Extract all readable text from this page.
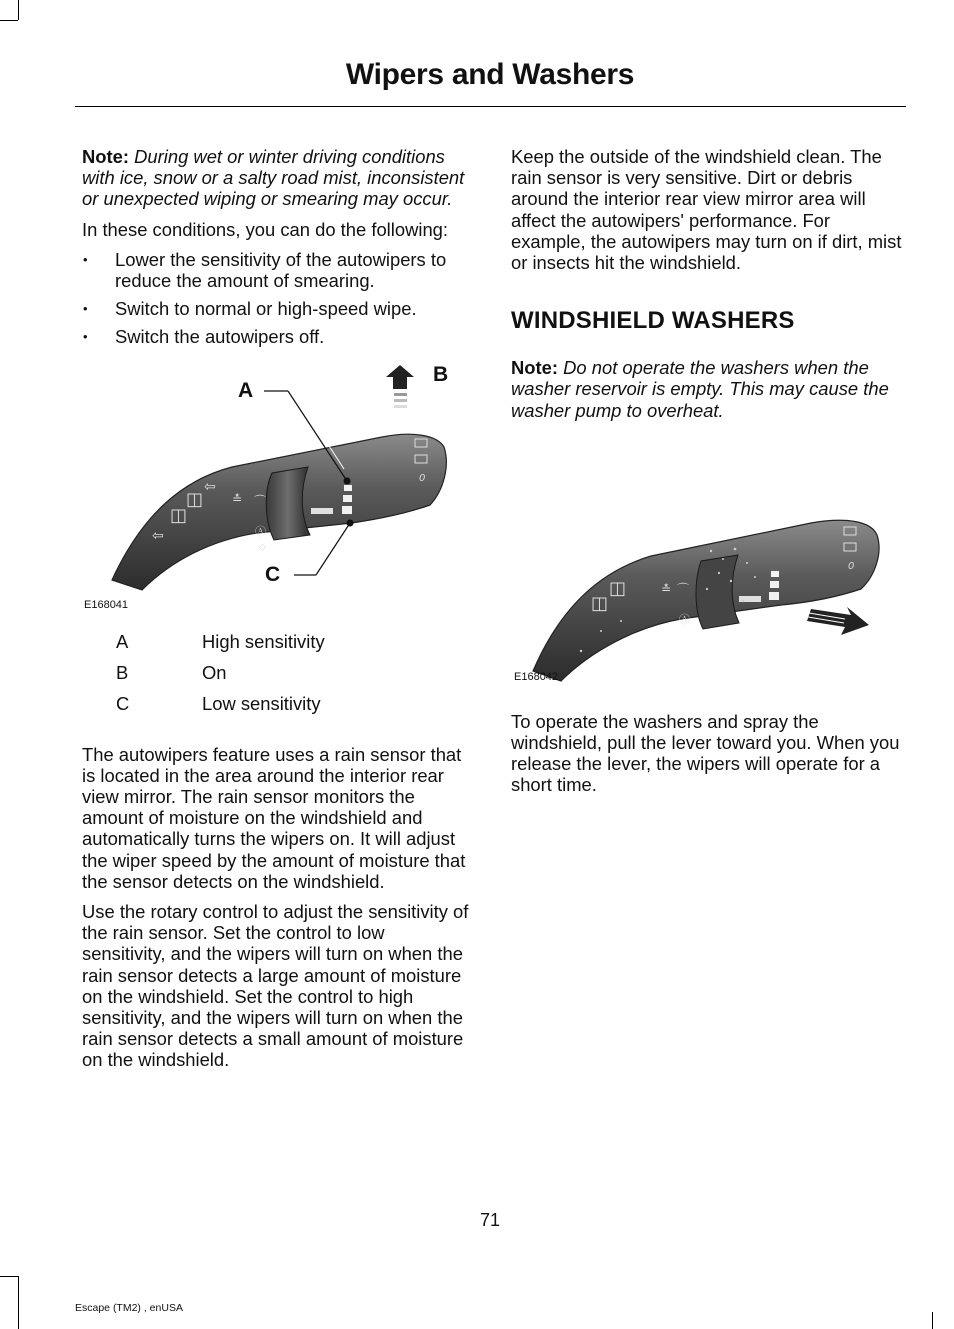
Wipers and Washers

Note: During wet or winter driving conditions with ice, snow or a salty road mist, inconsistent or unexpected wiping or smearing may occur.

In these conditions, you can do the following:

• Lower the sensitivity of the autowipers to reduce the amount of smearing.
• Switch to normal or high-speed wipe.
• Switch the autowipers off.
0
⇦
◫
◫
⇦
≛ ⌒
Ⓐ
⬦
A
B
C
E168041
A	High sensitivity
B	On
C	Low sensitivity

The autowipers feature uses a rain sensor that is located in the area around the interior rear view mirror. The rain sensor monitors the amount of moisture on the windshield and automatically turns the wipers on. It will adjust the wiper speed by the amount of moisture that the sensor detects on the windshield.

Use the rotary control to adjust the sensitivity of the rain sensor. Set the control to low sensitivity, and the wipers will turn on when the rain sensor detects a large amount of moisture on the windshield. Set the control to high sensitivity, and the wipers will turn on when the rain sensor detects a small amount of moisture on the windshield.

Keep the outside of the windshield clean. The rain sensor is very sensitive. Dirt or debris around the interior rear view mirror area will affect the autowipers' performance. For example, the autowipers may turn on if dirt, mist or insects hit the windshield.

WINDSHIELD WASHERS

Note: Do not operate the washers when the washer reservoir is empty. This may cause the washer pump to overheat.

0
◫
◫	≛ ⌒
Ⓐ
E168042

To operate the washers and spray the windshield, pull the lever toward you. When you release the lever, the wipers will operate for a short time.

71
Escape (TM2) , enUSA
